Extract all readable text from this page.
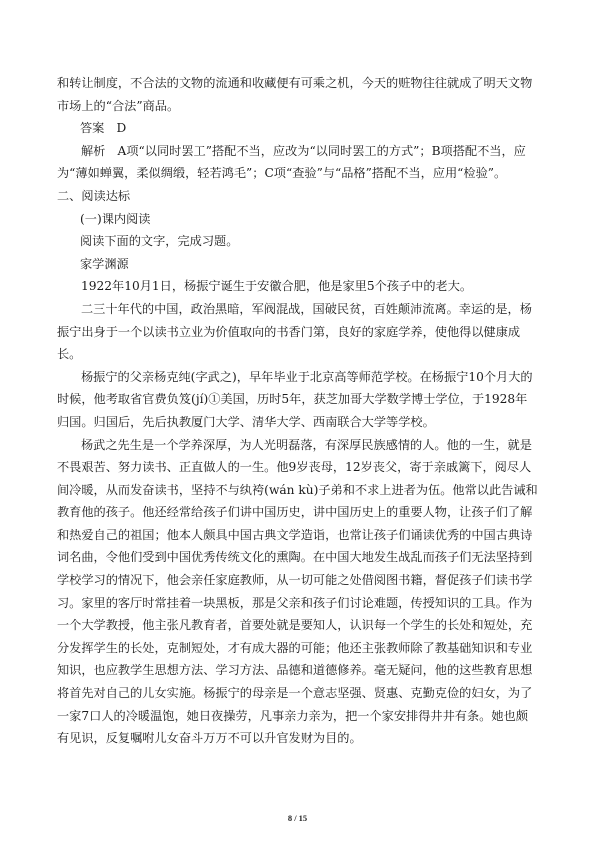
和转让制度，不合法的文物的流通和收藏便有可乘之机，今天的赃物往往就成了明天文物市场上的“合法”商品。

答案　D

解析　A项“以同时罢工”搭配不当，应改为“以同时罢工的方式”；B项搭配不当，应为“薄如蝉翼，柔似绸缎，轻若鸿毛”；C项“查验”与“品格”搭配不当，应用“检验”。

二、阅读达标

(一)课内阅读

阅读下面的文字，完成习题。

家学渊源

1922年10月1日，杨振宁诞生于安徽合肥，他是家里5个孩子中的老大。

二三十年代的中国，政治黑暗，军阀混战，国破民贫，百姓颠沛流离。幸运的是，杨振宁出身于一个以读书立业为价值取向的书香门第，良好的家庭学养，使他得以健康成长。

杨振宁的父亲杨克纯(字武之)，早年毕业于北京高等师范学校。在杨振宁10个月大的时候，他考取省官费负笈(jí)①美国，历时5年，获芝加哥大学数学博士学位，于1928年归国。归国后，先后执教厦门大学、清华大学、西南联合大学等学校。

杨武之先生是一个学养深厚，为人光明磊落，有深厚民族感情的人。他的一生，就是不畏艰苦、努力读书、正直做人的一生。他9岁丧母，12岁丧父，寄于亲戚篱下，阅尽人间冷暖，从而发奋读书，坚持不与纨袴(wán kù)子弟和不求上进者为伍。他常以此告诫和教育他的孩子。他还经常给孩子们讲中国历史，讲中国历史上的重要人物，让孩子们了解和热爱自己的祖国；他本人颇具中国古典文学造诣，也常让孩子们诵读优秀的中国古典诗词名曲，令他们受到中国优秀传统文化的熏陶。在中国大地发生战乱而孩子们无法坚持到学校学习的情况下，他会亲任家庭教师，从一切可能之处借阅图书籍，督促孩子们读书学习。家里的客厅时常挂着一块黑板，那是父亲和孩子们讨论难题，传授知识的工具。作为一个大学教授，他主张凡教育者，首要处就是要知人，认识每一个学生的长处和短处，充分发挥学生的长处，克制短处，才有成大器的可能；他还主张教师除了教基础知识和专业知识，也应教学生思想方法、学习方法、品德和道德修养。毫无疑问，他的这些教育思想将首先对自己的儿女实施。杨振宁的母亲是一个意志坚强、贤惠、克勤克俭的妇女，为了一家7口人的冷暖温饱，她日夜操劳，凡事亲力亲为，把一个家安排得井井有条。她也颇有见识，反复嘱咐儿女奋斗万万不可以升官发财为目的。

8 / 15
